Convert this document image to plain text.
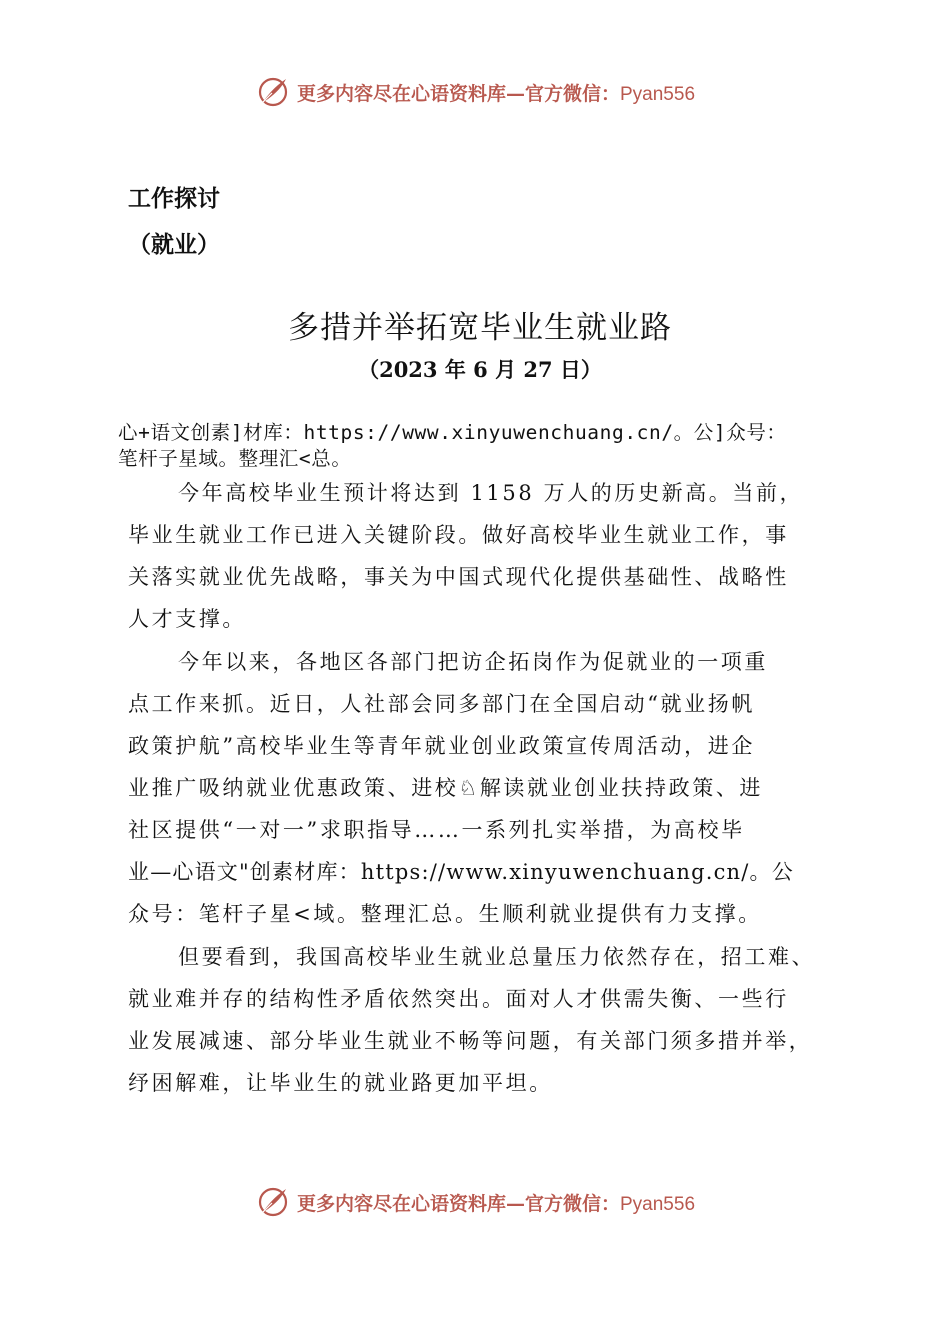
更多内容尽在心语资料库—官方微信：Pyan556
工作探讨
（就业）
多措并举拓宽毕业生就业路
（2023 年 6 月 27 日）
心+语文创素]材库：https://www.xinyuwenchuang.cn/。公]众号：
笔杆子星域。整理汇<总。

今年高校毕业生预计将达到 1158 万人的历史新高。当前，
毕业生就业工作已进入关键阶段。做好高校毕业生就业工作，事
关落实就业优先战略，事关为中国式现代化提供基础性、战略性
人才支撑。

今年以来，各地区各部门把访企拓岗作为促就业的一项重
点工作来抓。近日，人社部会同多部门在全国启动“就业扬帆
政策护航”高校毕业生等青年就业创业政策宣传周活动，进企
业推广吸纳就业优惠政策、进校♘解读就业创业扶持政策、进
社区提供“一对一”求职指导……一系列扎实举措，为高校毕
业—心语文"创素材库：https://www.xinyuwenchuang.cn/。公
众号：笔杆子星<域。整理汇总。生顺利就业提供有力支撑。

但要看到，我国高校毕业生就业总量压力依然存在，招工难、
就业难并存的结构性矛盾依然突出。面对人才供需失衡、一些行
业发展减速、部分毕业生就业不畅等问题，有关部门须多措并举，
纾困解难，让毕业生的就业路更加平坦。

更多内容尽在心语资料库—官方微信：Pyan556
